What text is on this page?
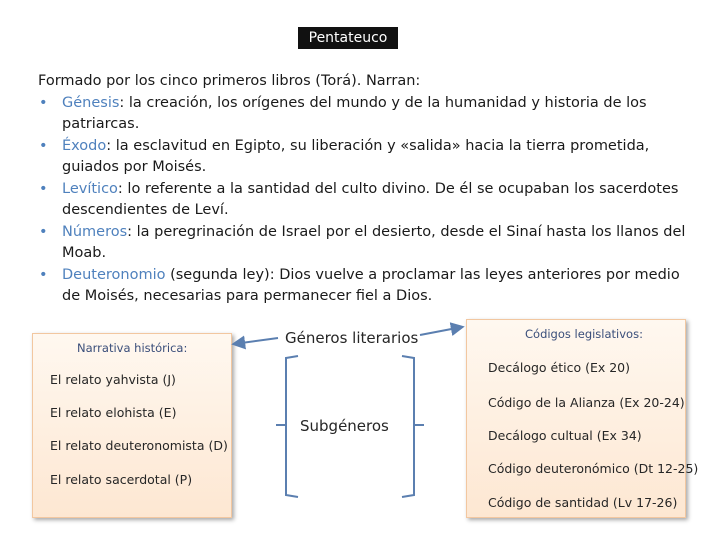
Pentateuco
Formado por los cinco primeros libros (Torá). Narran:
• Génesis: la creación, los orígenes del mundo y de la humanidad y historia de los patriarcas.
• Éxodo: la esclavitud en Egipto, su liberación y «salida» hacia la tierra prometida, guiados por Moisés.
• Levítico: lo referente a la santidad del culto divino. De él se ocupaban los sacerdotes descendientes de Leví.
• Números: la peregrinación de Israel por el desierto, desde el Sinaí hasta los llanos del Moab.
• Deuteronomio (segunda ley): Dios vuelve a proclamar las leyes anteriores por medio de Moisés, necesarias para permanecer fiel a Dios.
Narrativa histórica:
El relato yahvista (J)
El relato elohista (E)
El relato deuteronomista (D)
El relato sacerdotal (P)
Códigos legislativos:
Decálogo ético (Ex 20)
Código de la Alianza (Ex 20-24)
Decálogo cultual (Ex 34)
Código deuteronómico (Dt 12-25)
Código de santidad (Lv 17-26)
Géneros literarios
Subgéneros
